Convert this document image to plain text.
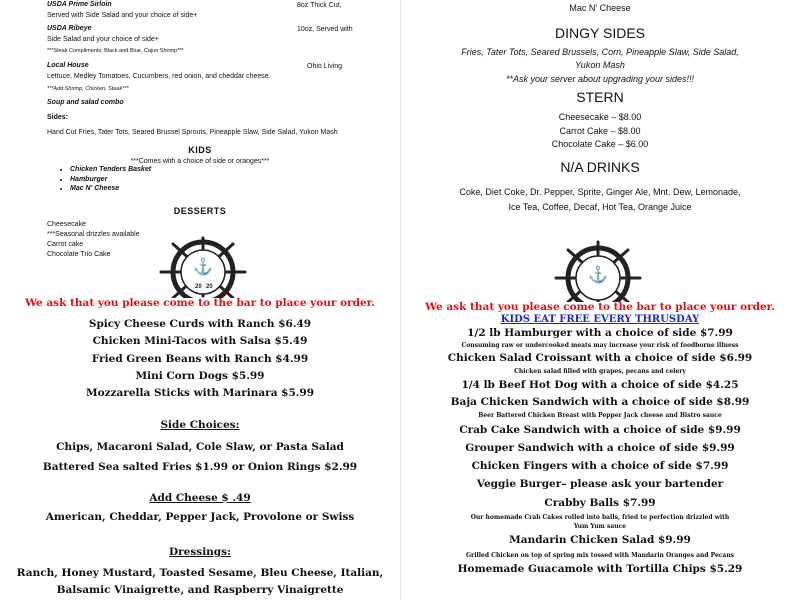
USDA Prime Sirloin	8oz Thick Cut,
Served with Side Salad and your choice of side+
USDA Ribeye	10oz, Served with
Side Salad and your choice of side+
***Steak Compliments: Black and Blue, Cajun Shrimp***
Local House	Ohio Living
Lettuce, Medley Tomatoes, Cucumbers, red onion, and cheddar cheese.
***Add Shrimp, Chicken, Steak***
Soup and salad combo
Sides:
Hand Cut Fries, Tater Tots, Seared Brussel Sprouts, Pineapple Slaw, Side Salad, Yukon Mash
KIDS
***Comes with a choice of side or oranges***
• Chicken Tenders Basket
• Hamburger
• Mac N' Cheese
DESSERTS
Cheesecake
***Seasonal drizzles available
Carrot cake
Chocolate Trio Cake
⚓
20 20
We ask that you please come to the bar to place your order.
Spicy Cheese Curds with Ranch $6.49
Chicken Mini-Tacos with Salsa $5.49
Fried Green Beans with Ranch $4.99
Mini Corn Dogs $5.99
Mozzarella Sticks with Marinara $5.99
Side Choices:
Chips, Macaroni Salad, Cole Slaw, or Pasta Salad
Battered Sea salted Fries $1.99 or Onion Rings $2.99
Add Cheese $ .49
American, Cheddar, Pepper Jack, Provolone or Swiss
Dressings:
Ranch, Honey Mustard, Toasted Sesame, Bleu Cheese, Italian,
Balsamic Vinaigrette, and Raspberry Vinaigrette
Mac N' Cheese
DINGY SIDES
Fries, Tater Tots, Seared Brussels, Corn, Pineapple Slaw, Side Salad,
Yukon Mash
**Ask your server about upgrading your sides!!!
STERN
Cheesecake – $8.00
Carrot Cake – $8.00
Chocolate Cake – $6.00
N/A DRINKS
Coke, Diet Coke, Dr. Pepper, Sprite, Ginger Ale, Mnt. Dew, Lemonade,
Ice Tea, Coffee, Decaf, Hot Tea, Orange Juice
⚓
We ask that you please come to the bar to place your order.
KIDS EAT FREE EVERY THRUSDAY
1/2 lb Hamburger with a choice of side $7.99
Consuming raw or undercooked meats may increase your risk of foodborne illness
Chicken Salad Croissant with a choice of side $6.99
Chicken salad filled with grapes, pecans and celery
1/4 lb Beef Hot Dog with a choice of side $4.25
Baja Chicken Sandwich with a choice of side $8.99
Beer Battered Chicken Breast with Pepper Jack cheese and Bistro sauce
Crab Cake Sandwich with a choice of side $9.99
Grouper Sandwich with a choice of side $9.99
Chicken Fingers with a choice of side $7.99
Veggie Burger– please ask your bartender
Crabby Balls $7.99
Our homemade Crab Cakes rolled into balls, fried to perfection drizzled with
Yum Yum sauce
Mandarin Chicken Salad $9.99
Grilled Chicken on top of spring mix tossed with Mandarin Oranges and Pecans
Homemade Guacamole with Tortilla Chips $5.29
